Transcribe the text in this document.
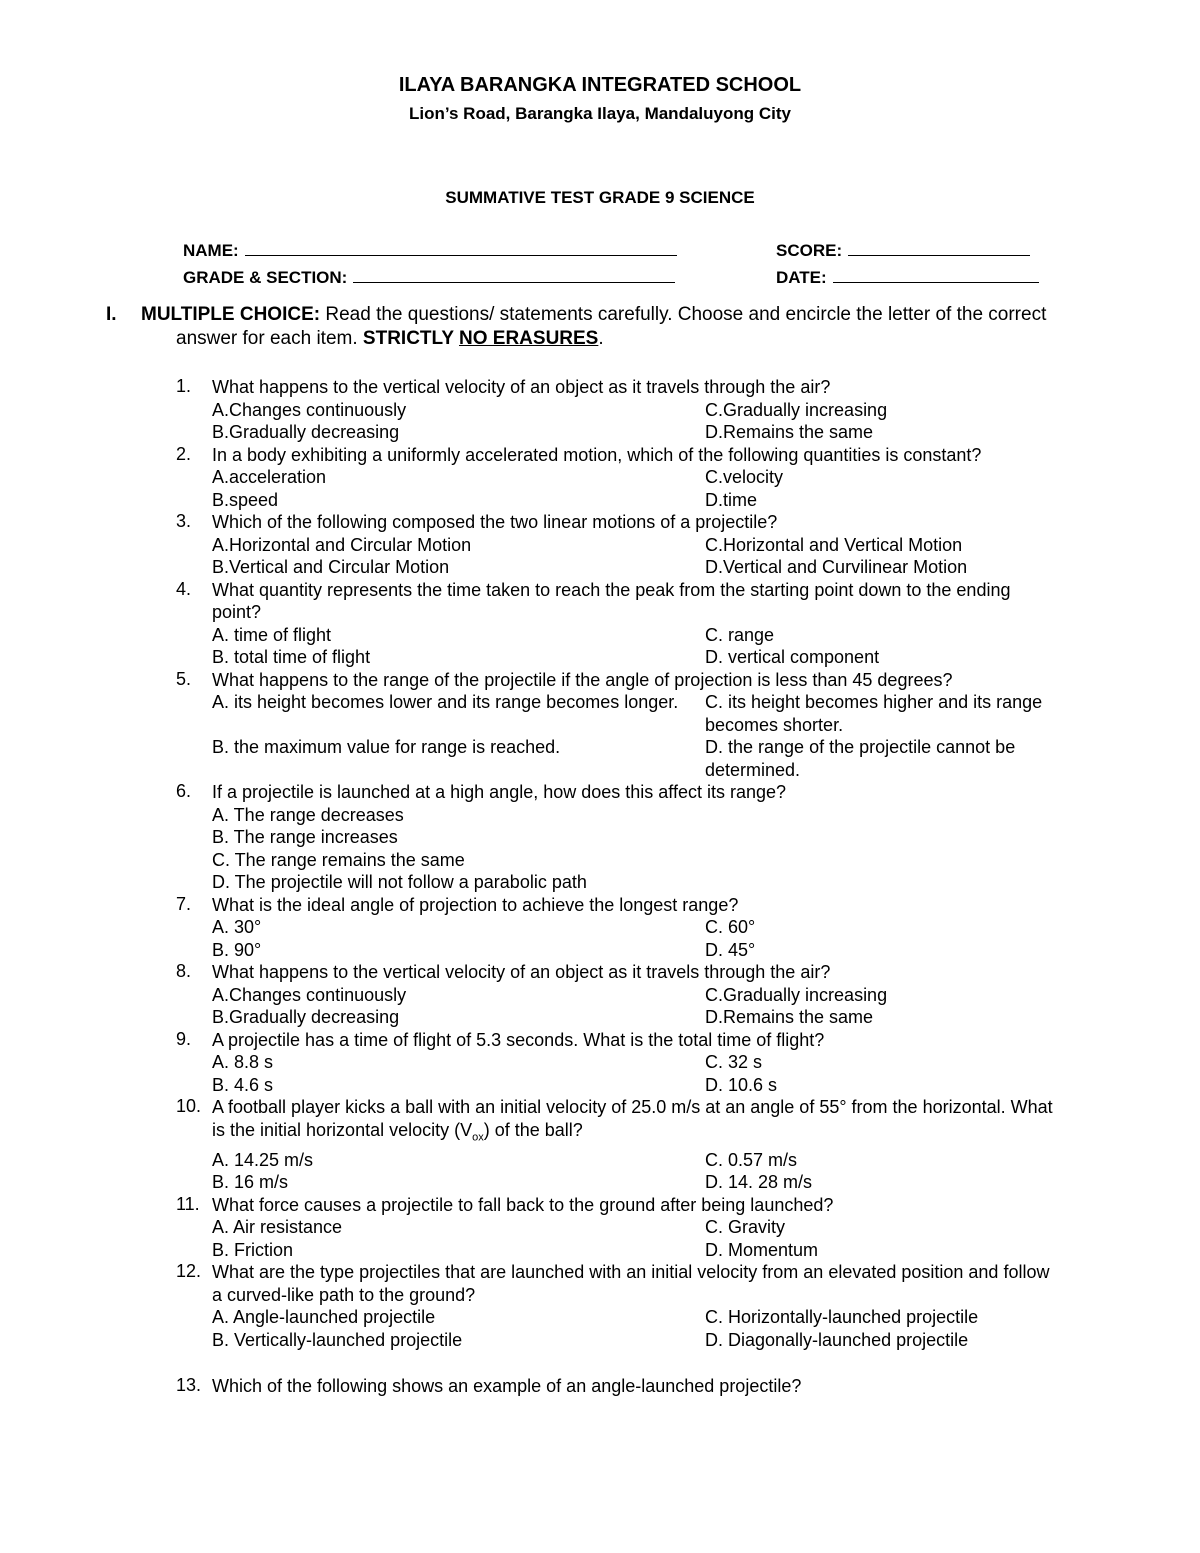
ILAYA BARANGKA INTEGRATED SCHOOL
Lion’s Road, Barangka Ilaya, Mandaluyong City
SUMMATIVE TEST GRADE 9 SCIENCE
NAME:	SCORE:
GRADE & SECTION:	DATE:
I. MULTIPLE CHOICE: Read the questions/ statements carefully. Choose and encircle the letter of the correct answer for each item. STRICTLY NO ERASURES.
1.	What happens to the vertical velocity of an object as it travels through the air?
A.Changes continuously	C.Gradually increasing
B.Gradually decreasing	D.Remains the same
2.	In a body exhibiting a uniformly accelerated motion, which of the following quantities is constant?
A.acceleration	C.velocity
B.speed	D.time
3.	Which of the following composed the two linear motions of a projectile?
A.Horizontal and Circular Motion	C.Horizontal and Vertical Motion
B.Vertical and Circular Motion	D.Vertical and Curvilinear Motion
4.	What quantity represents the time taken to reach the peak from the starting point down to the ending point?
A. time of flight	C. range
B. total time of flight	D. vertical component
5.	What happens to the range of the projectile if the angle of projection is less than 45 degrees?
A. its height becomes lower and its range becomes longer.	C. its height becomes higher and its range becomes shorter.
B. the maximum value for range is reached.	D. the range of the projectile cannot be determined.
6.	If a projectile is launched at a high angle, how does this affect its range?
A. The range decreases
B. The range increases
C. The range remains the same
D. The projectile will not follow a parabolic path
7.	What is the ideal angle of projection to achieve the longest range?
A. 30°	C. 60°
B. 90°	D. 45°
8.	What happens to the vertical velocity of an object as it travels through the air?
A.Changes continuously	C.Gradually increasing
B.Gradually decreasing	D.Remains the same
9.	A projectile has a time of flight of 5.3 seconds. What is the total time of flight?
A. 8.8 s	C. 32 s
B. 4.6 s	D. 10.6 s
10. A football player kicks a ball with an initial velocity of 25.0 m/s at an angle of 55° from the horizontal. What is the initial horizontal velocity $(V_{ox})$ of the ball?
A. 14.25 m/s	C. 0.57 m/s
B. 16 m/s	D. 14. 28 m/s
11. What force causes a projectile to fall back to the ground after being launched?
A. Air resistance	C. Gravity
B. Friction	D. Momentum
12. What are the type projectiles that are launched with an initial velocity from an elevated position and follow a curved-like path to the ground?
A. Angle-launched projectile	C. Horizontally-launched projectile
B. Vertically-launched projectile	D. Diagonally-launched projectile
13. Which of the following shows an example of an angle-launched projectile?
